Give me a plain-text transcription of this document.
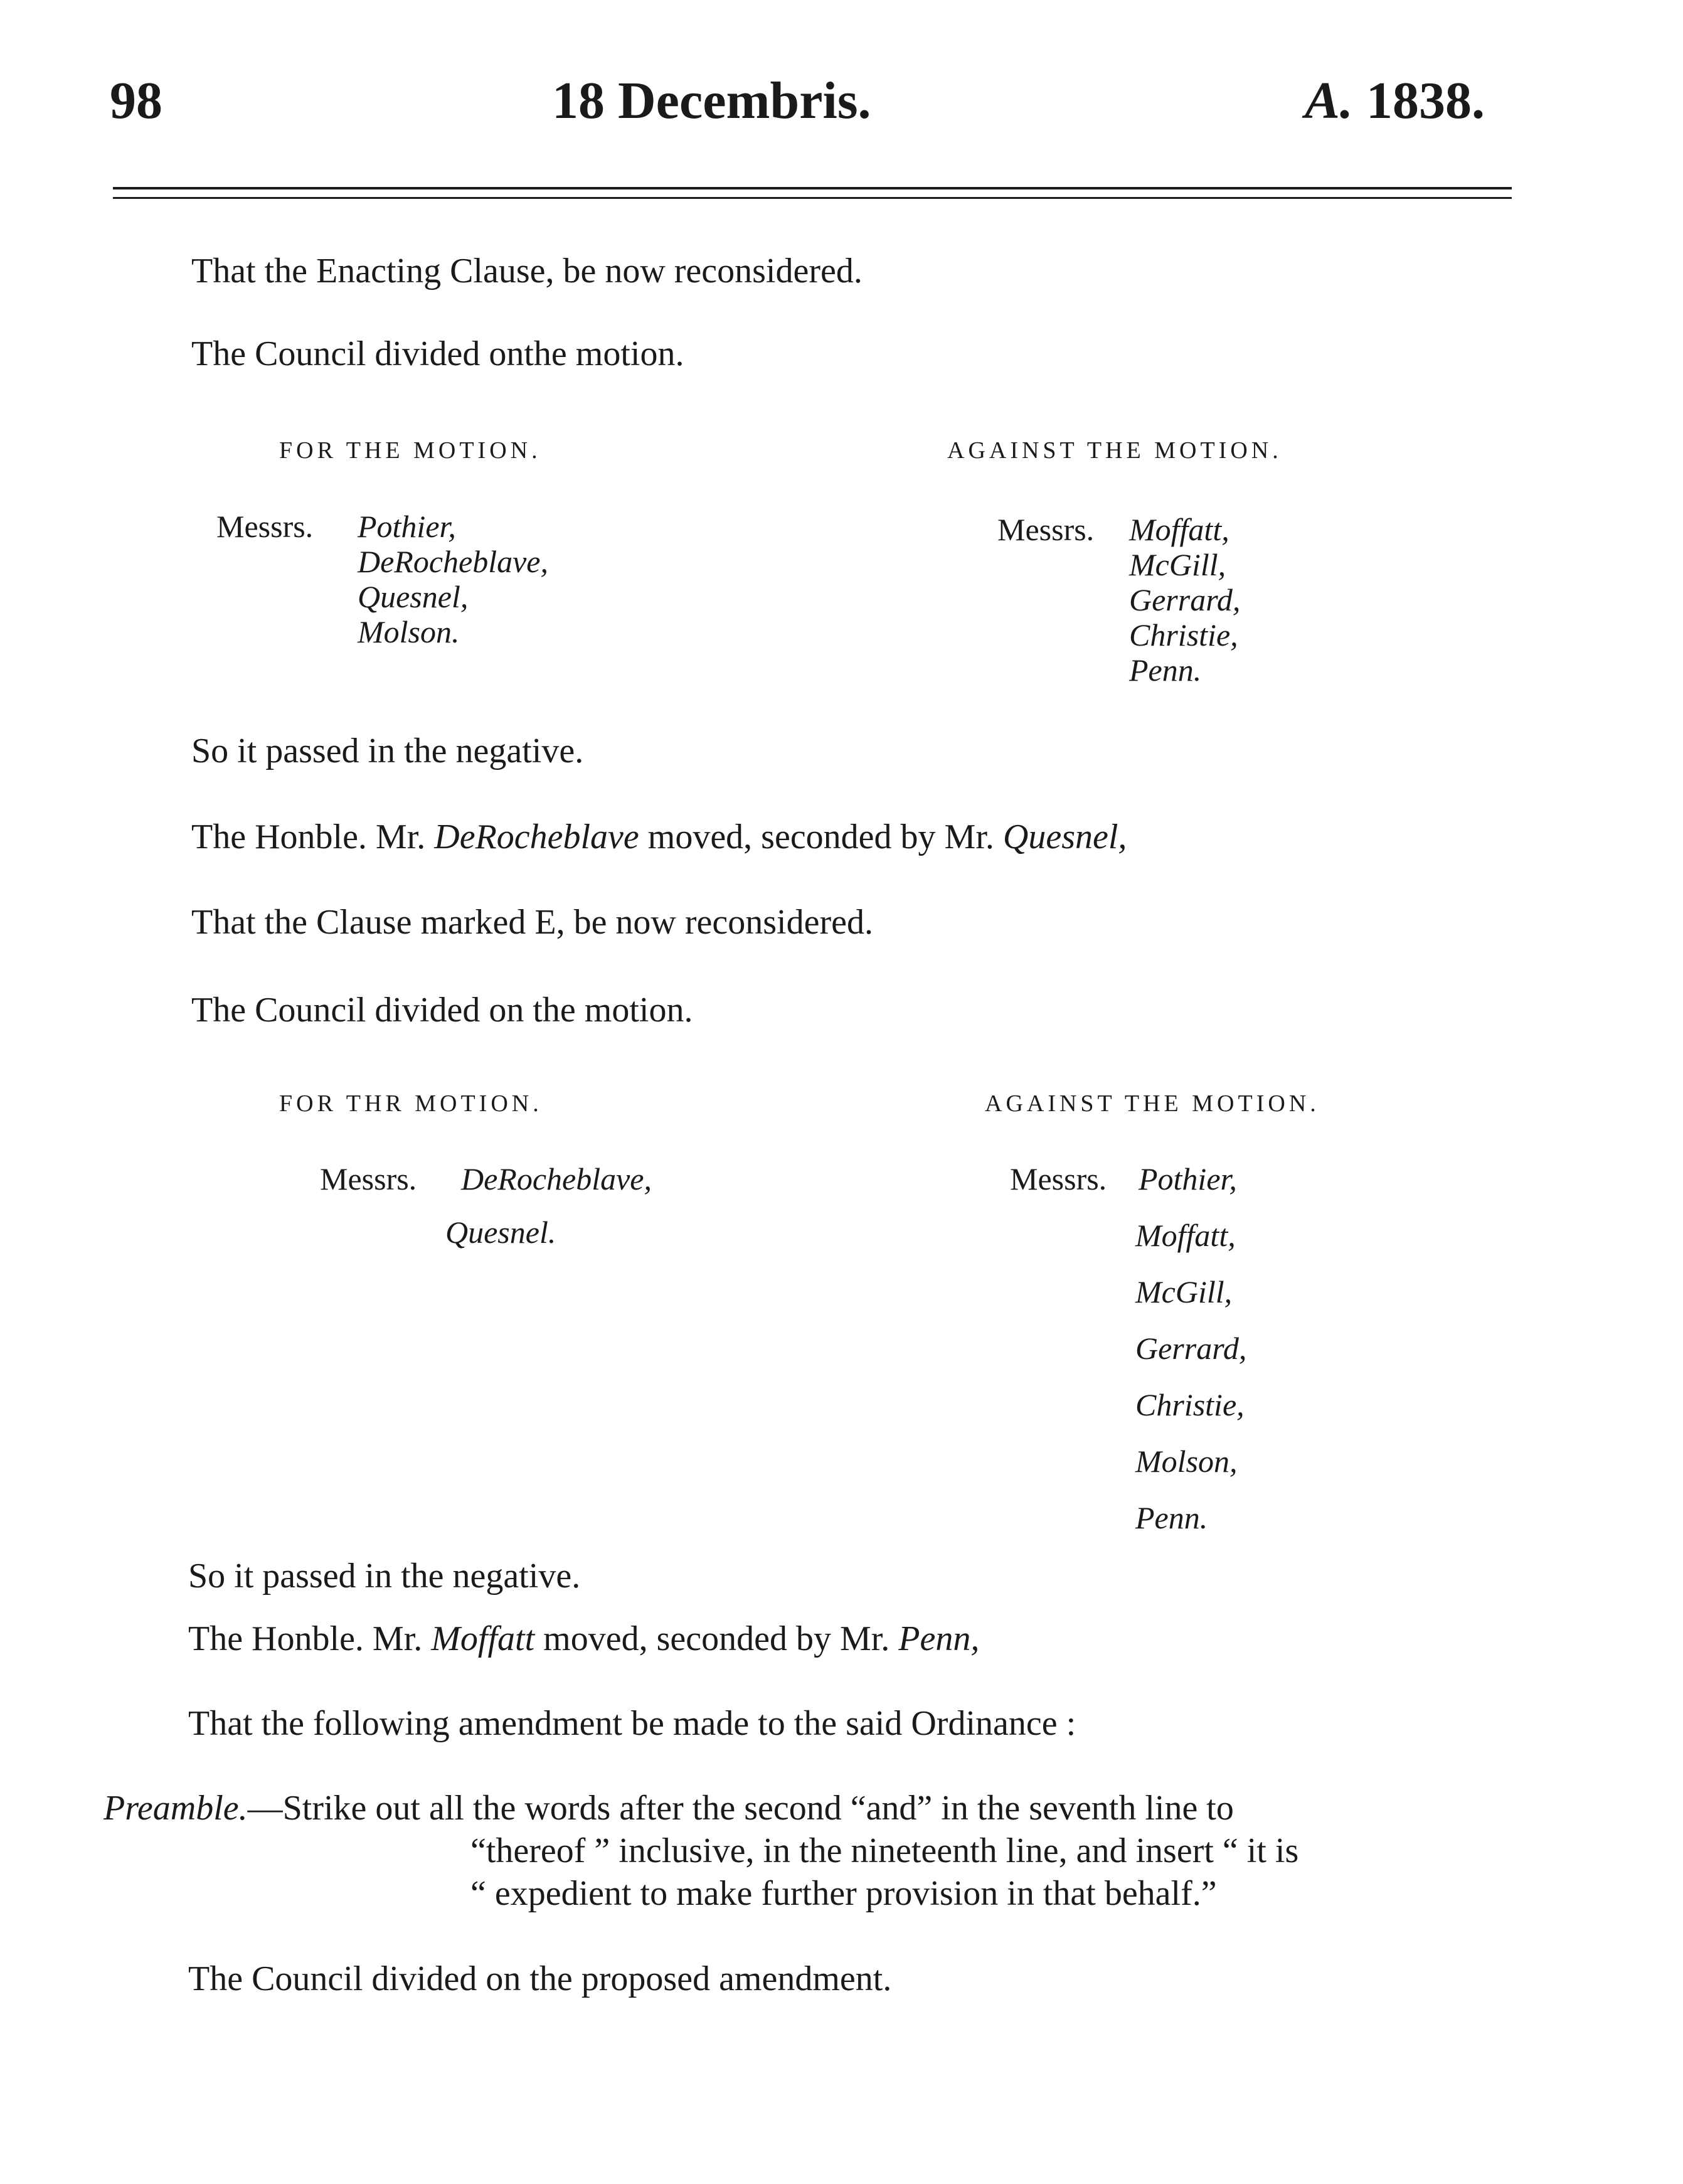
98	18 Decembris.	A. 1838.
That the Enacting Clause, be now reconsidered.
The Council divided onthe motion.
FOR THE MOTION.	AGAINST THE MOTION.
Messrs. Pothier,
DeRocheblave,
Quesnel,
Molson.
Messrs. Moffatt,
McGill,
Gerrard,
Christie,
Penn.
So it passed in the negative.
The Honble. Mr. DeRocheblave moved, seconded by Mr. Quesnel,
That the Clause marked E, be now reconsidered.
The Council divided on the motion.
FOR THR MOTION.	AGAINST THE MOTION.
Messrs. DeRocheblave,
Quesnel.
Messrs. Pothier,
Moffatt,
McGill,
Gerrard,
Christie,
Molson,
Penn.
So it passed in the negative.
The Honble. Mr. Moffatt moved, seconded by Mr. Penn,
That the following amendment be made to the said Ordinance :
Preamble.—Strike out all the words after the second “and” in the seventh line to
“thereof ” inclusive, in the nineteenth line, and insert “ it is
“ expedient to make further provision in that behalf.”
The Council divided on the proposed amendment.
